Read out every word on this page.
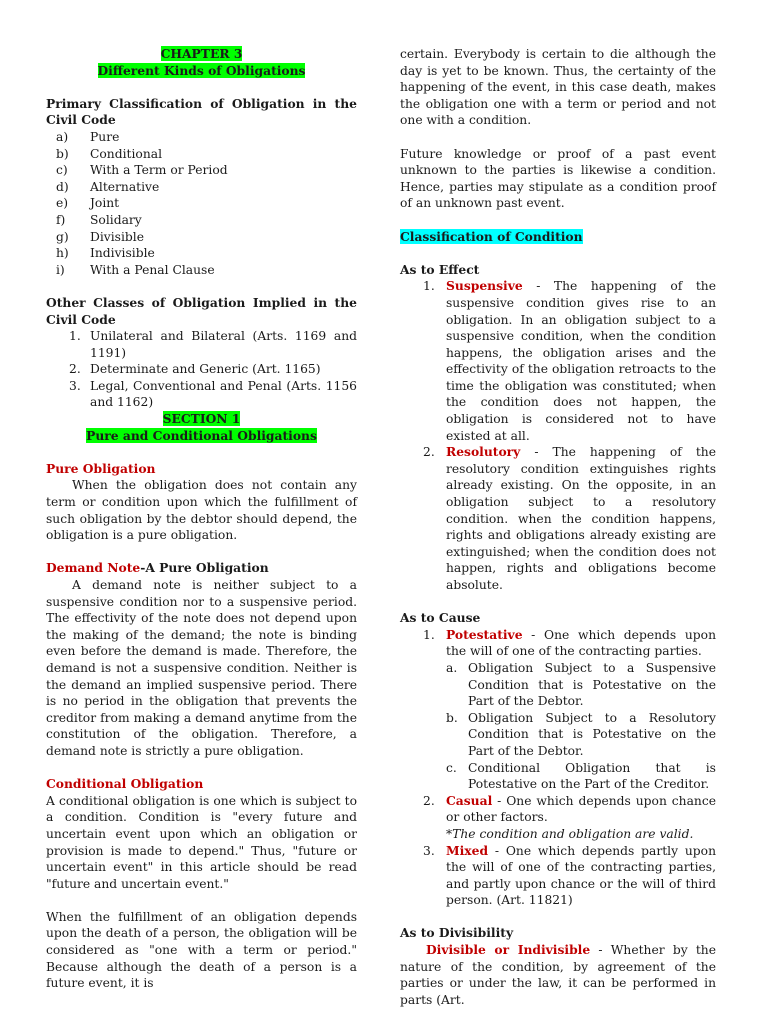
CHAPTER 3

Different Kinds of Obligations

Primary Classification of Obligation in the Civil Code

a)	Pure
b)	Conditional
c)	With a Term or Period
d)	Alternative
e)	Joint
f)	Solidary
g)	Divisible
h)	Indivisible
i)	With a Penal Clause

Other Classes of Obligation Implied in the Civil Code

1. Unilateral and Bilateral (Arts. 1169 and 1191)
2. Determinate and Generic (Art. 1165)
3. Legal, Conventional and Penal (Arts. 1156 and 1162)

SECTION 1

Pure and Conditional Obligations

Pure Obligation

When the obligation does not contain any term or condition upon which the fulfillment of such obligation by the debtor should depend, the obligation is a pure obligation.

Demand Note-A Pure Obligation

A demand note is neither subject to a suspensive condition nor to a suspensive period. The effectivity of the note does not depend upon the making of the demand; the note is binding even before the demand is made. Therefore, the demand is not a suspensive condition. Neither is the demand an implied suspensive period. There is no period in the obligation that prevents the creditor from making a demand anytime from the constitution of the obligation. Therefore, a demand note is strictly a pure obligation.

Conditional Obligation

A conditional obligation is one which is subject to a condition. Condition is "every future and uncertain event upon which an obligation or provision is made to depend." Thus, "future or uncertain event" in this article should be read "future and uncertain event."

When the fulfillment of an obligation depends upon the death of a person, the obligation will be considered as "one with a term or period." Because although the death of a person is a future event, it is

certain. Everybody is certain to die although the day is yet to be known. Thus, the certainty of the happening of the event, in this case death, makes the obligation one with a term or period and not one with a condition.

Future knowledge or proof of a past event unknown to the parties is likewise a condition. Hence, parties may stipulate as a condition proof of an unknown past event.

Classification of Condition

As to Effect

1. Suspensive - The happening of the suspensive condition gives rise to an obligation. In an obligation subject to a suspensive condition, when the condition happens, the obligation arises and the effectivity of the obligation retroacts to the time the obligation was constituted; when the condition does not happen, the obligation is considered not to have existed at all.
2. Resolutory - The happening of the resolutory condition extinguishes rights already existing. On the opposite, in an obligation subject to a resolutory condition. when the condition happens, rights and obligations already existing are extinguished; when the condition does not happen, rights and obligations become absolute.

As to Cause

1. Potestative - One which depends upon the will of one of the contracting parties.
a. Obligation Subject to a Suspensive Condition that is Potestative on the Part of the Debtor.
b. Obligation Subject to a Resolutory Condition that is Potestative on the Part of the Debtor.
c. Conditional Obligation that is Potestative on the Part of the Creditor.
2. Casual - One which depends upon chance or other factors.
*The condition and obligation are valid.
3. Mixed - One which depends partly upon the will of one of the contracting parties, and partly upon chance or the will of third person. (Art. 11821)

As to Divisibility

Divisible or Indivisible - Whether by the nature of the condition, by agreement of the parties or under the law, it can be performed in parts (Art.
